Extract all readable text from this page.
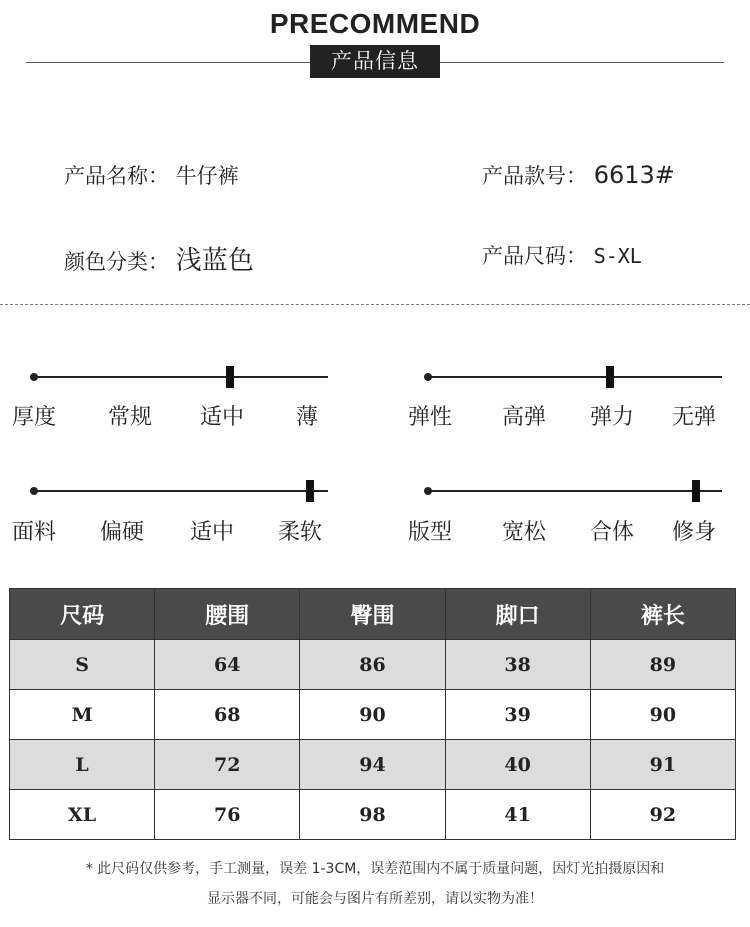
PRECOMMEND
产品信息
产品名称： 牛仔裤	产品款号： 6613#
颜色分类： 浅蓝色	产品尺码： S-XL
厚度 常规 适中 薄	弹性 高弹 弹力 无弹
面料 偏硬 适中 柔软	版型 宽松 合体 修身
尺码	腰围	臀围	脚口	裤长
S	64	86	38	89
M	68	90	39	90
L	72	94	40	91
XL	76	98	41	92
* 此尺码仅供参考，手工测量，误差 1-3CM，误差范围内不属于质量问题，因灯光拍摄原因和
显示器不同，可能会与图片有所差别，请以实物为准！
